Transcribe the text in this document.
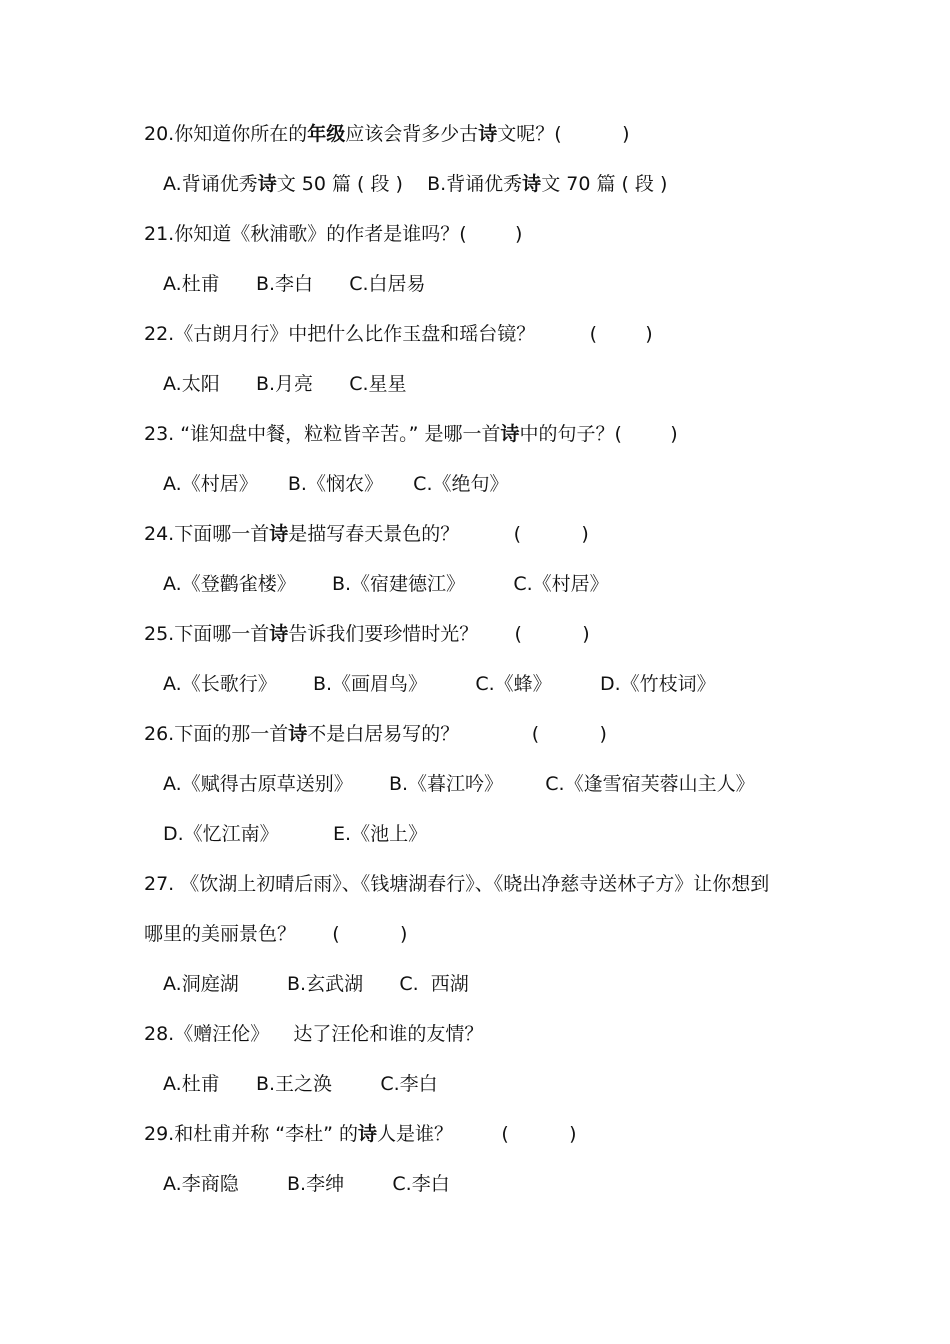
20.你知道你所在的年级应该会背多少古诗文呢？(          )
A.背诵优秀诗文 50 篇 ( 段 )    B.背诵优秀诗文 70 篇 ( 段 )
21.你知道《秋浦歌》的作者是谁吗？(        )
A.杜甫      B.李白      C.白居易
22.《古朗月行》中把什么比作玉盘和瑶台镜？         (        )
A.太阳      B.月亮      C.星星
23. “谁知盘中餐，粒粒皆辛苦。” 是哪一首诗中的句子？(        )
A.《村居》     B.《悯农》     C.《绝句》
24.下面哪一首诗是描写春天景色的？         (          )
A.《登鹳雀楼》      B.《宿建德江》        C.《村居》
25.下面哪一首诗告诉我们要珍惜时光？      (          )
A.《长歌行》      B.《画眉鸟》        C.《蜂》        D.《竹枝词》
26.下面的那一首诗不是白居易写的？            (          )
A.《赋得古原草送别》      B.《暮江吟》       C.《逢雪宿芙蓉山主人》
D.《忆江南》         E.《池上》
27. 《饮湖上初晴后雨》、《钱塘湖春行》、《晓出净慈寺送林子方》让你想到
哪里的美丽景色？      (          )
A.洞庭湖        B.玄武湖      C.  西湖
28.《赠汪伦》    达了汪伦和谁的友情？
A.杜甫      B.王之涣        C.李白
29.和杜甫并称 “李杜” 的诗人是谁？        (          )
A.李商隐        B.李绅        C.李白
